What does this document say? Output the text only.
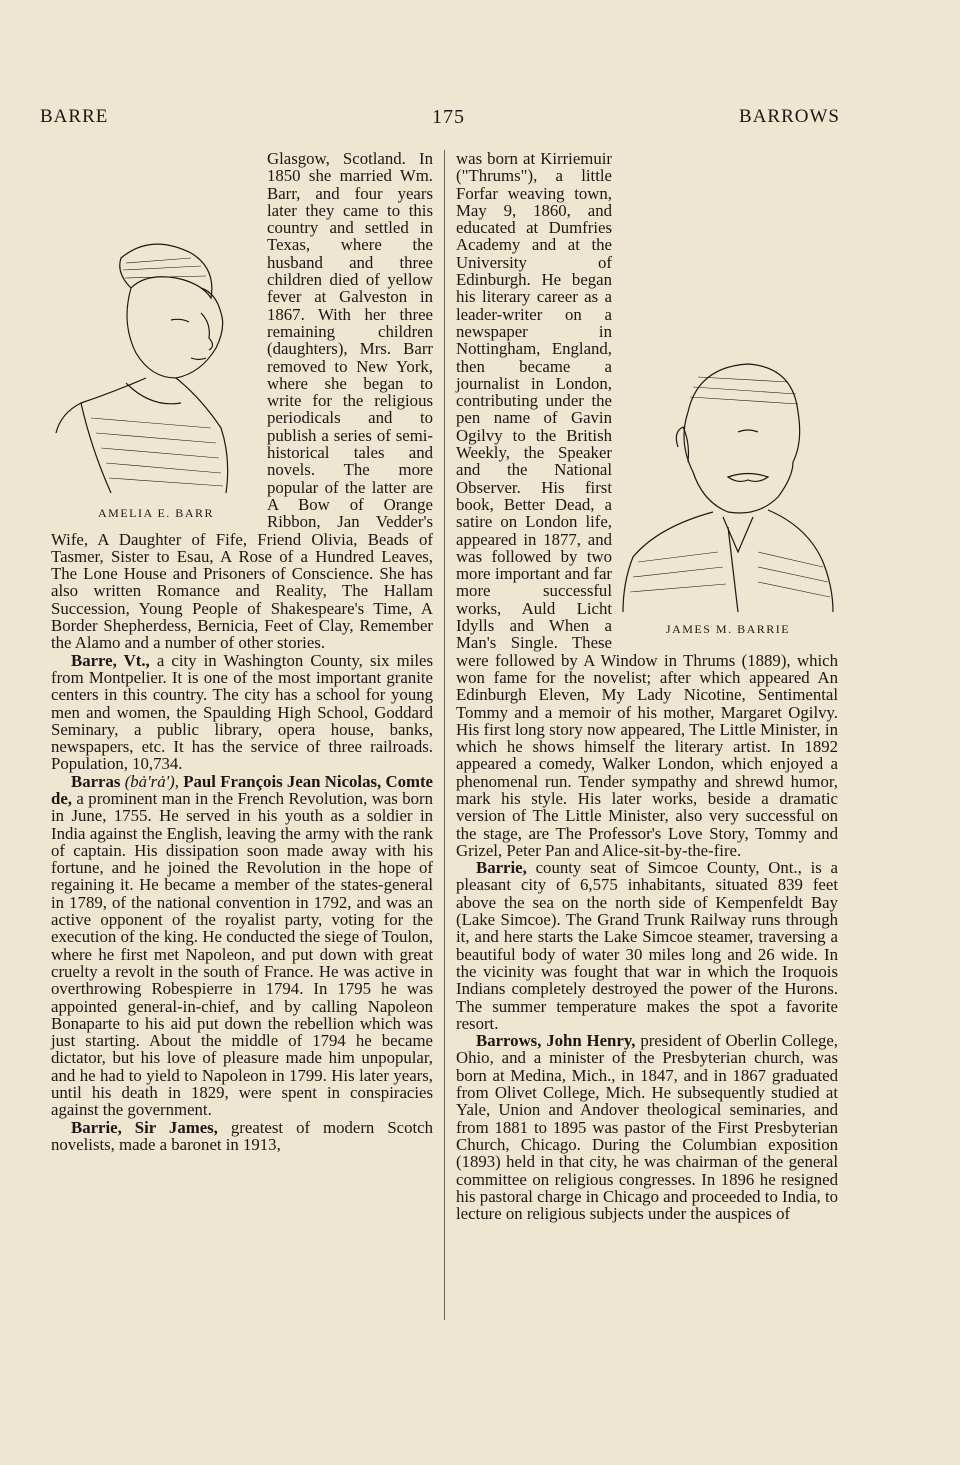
BARRE	175	BARROWS
AMELIA E. BARR

Glasgow, Scotland. In 1850 she married Wm. Barr, and four years later they came to this country and settled in Texas, where the husband and three children died of yellow fever at Galveston in 1867. With her three remaining children (daughters), Mrs. Barr removed to New York, where she began to write for the religious periodicals and to publish a series of semi-historical tales and novels. The more popular of the latter are A Bow of Orange Ribbon, Jan Vedder's Wife, A Daughter of Fife, Friend Olivia, Beads of Tasmer, Sister to Esau, A Rose of a Hundred Leaves, The Lone House and Prisoners of Conscience. She has also written Romance and Reality, The Hallam Succession, Young People of Shakespeare's Time, A Border Shepherdess, Bernicia, Feet of Clay, Remember the Alamo and a number of other stories.

Barre, Vt., a city in Washington County, six miles from Montpelier. It is one of the most important granite centers in this country. The city has a school for young men and women, the Spaulding High School, Goddard Seminary, a public library, opera house, banks, newspapers, etc. It has the service of three railroads. Population, 10,734.

Barras (bȧ'rȧ'), Paul François Jean Nicolas, Comte de, a prominent man in the French Revolution, was born in June, 1755. He served in his youth as a soldier in India against the English, leaving the army with the rank of captain. His dissipation soon made away with his fortune, and he joined the Revolution in the hope of regaining it. He became a member of the states-general in 1789, of the national convention in 1792, and was an active opponent of the royalist party, voting for the execution of the king. He conducted the siege of Toulon, where he first met Napoleon, and put down with great cruelty a revolt in the south of France. He was active in overthrowing Robespierre in 1794. In 1795 he was appointed general-in-chief, and by calling Napoleon Bonaparte to his aid put down the rebellion which was just starting. About the middle of 1794 he became dictator, but his love of pleasure made him unpopular, and he had to yield to Napoleon in 1799. His later years, until his death in 1829, were spent in conspiracies against the government.

Barrie, Sir James, greatest of modern Scotch novelists, made a baronet in 1913,

JAMES M. BARRIE

was born at Kirriemuir ("Thrums"), a little Forfar weaving town, May 9, 1860, and educated at Dumfries Academy and at the University of Edinburgh. He began his literary career as a leader-writer on a newspaper in Nottingham, England, then became a journalist in London, contributing under the pen name of Gavin Ogilvy to the British Weekly, the Speaker and the National Observer. His first book, Better Dead, a satire on London life, appeared in 1877, and was followed by two more important and far more successful works, Auld Licht Idylls and When a Man's Single. These were followed by A Window in Thrums (1889), which won fame for the novelist; after which appeared An Edinburgh Eleven, My Lady Nicotine, Sentimental Tommy and a memoir of his mother, Margaret Ogilvy. His first long story now appeared, The Little Minister, in which he shows himself the literary artist. In 1892 appeared a comedy, Walker London, which enjoyed a phenomenal run. Tender sympathy and shrewd humor, mark his style. His later works, beside a dramatic version of The Little Minister, also very successful on the stage, are The Professor's Love Story, Tommy and Grizel, Peter Pan and Alice-sit-by-the-fire.

Barrie, county seat of Simcoe County, Ont., is a pleasant city of 6,575 inhabitants, situated 839 feet above the sea on the north side of Kempenfeldt Bay (Lake Simcoe). The Grand Trunk Railway runs through it, and here starts the Lake Simcoe steamer, traversing a beautiful body of water 30 miles long and 26 wide. In the vicinity was fought that war in which the Iroquois Indians completely destroyed the power of the Hurons. The summer temperature makes the spot a favorite resort.

Barrows, John Henry, president of Oberlin College, Ohio, and a minister of the Presbyterian church, was born at Medina, Mich., in 1847, and in 1867 graduated from Olivet College, Mich. He subsequently studied at Yale, Union and Andover theological seminaries, and from 1881 to 1895 was pastor of the First Presbyterian Church, Chicago. During the Columbian exposition (1893) held in that city, he was chairman of the general committee on religious congresses. In 1896 he resigned his pastoral charge in Chicago and proceeded to India, to lecture on religious subjects under the auspices of
